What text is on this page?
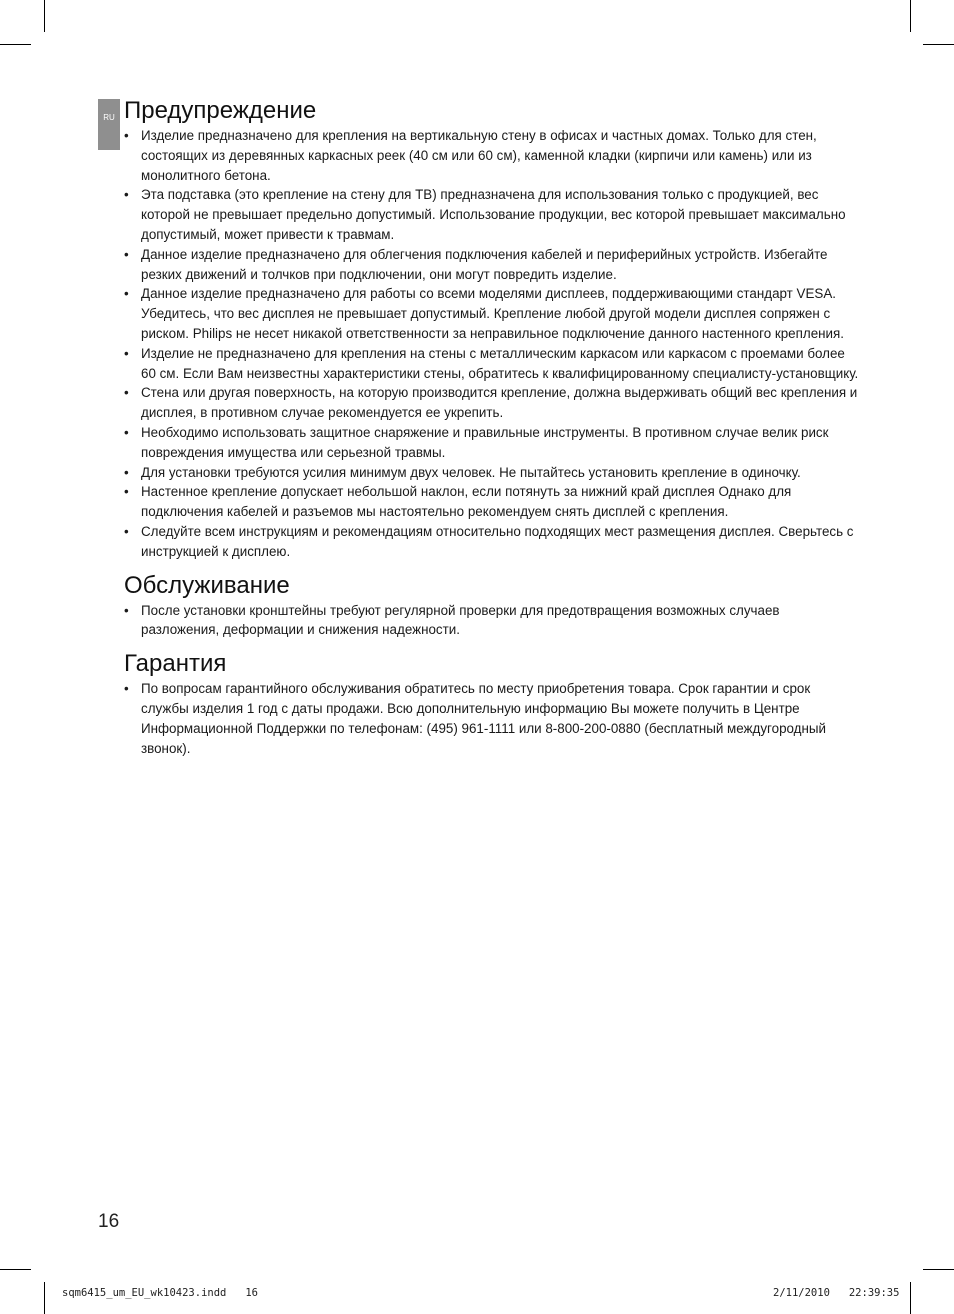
RU Предупреждение
• Изделие предназначено для крепления на вертикальную стену в офисах и частных домах. Только для стен, состоящих из деревянных каркасных реек (40 см или 60 см), каменной кладки (кирпичи или камень) или из монолитного бетона.
• Эта подставка (это крепление на стену для ТВ) предназначена для использования только с продукцией, вес которой не превышает предельно допустимый. Использование продукции, вес которой превышает максимально допустимый, может привести к травмам.
• Данное изделие предназначено для облегчения подключения кабелей и периферийных устройств. Избегайте резких движений и толчков при подключении, они могут повредить изделие.
• Данное изделие предназначено для работы со всеми моделями дисплеев, поддерживающими стандарт VESA. Убедитесь, что вес дисплея не превышает допустимый. Крепление любой другой модели дисплея сопряжен с риском. Philips не несет никакой ответственности за неправильное подключение данного настенного крепления.
• Изделие не предназначено для крепления на стены с металлическим каркасом или каркасом с проемами более 60 см. Если Вам неизвестны характеристики стены, обратитесь к квалифицированному специалисту-установщику.
• Стена или другая поверхность, на которую производится крепление, должна выдерживать общий вес крепления и дисплея, в противном случае рекомендуется ее укрепить.
• Необходимо использовать защитное снаряжение и правильные инструменты. В противном случае велик риск повреждения имущества или серьезной травмы.
• Для установки требуются усилия минимум двух человек. Не пытайтесь установить крепление в одиночку.
• Настенное крепление допускает небольшой наклон, если потянуть за нижний край дисплея Однако для подключения кабелей и разъемов мы настоятельно рекомендуем снять дисплей с крепления.
• Следуйте всем инструкциям и рекомендациям относительно подходящих мест размещения дисплея. Сверьтесь с инструкцией к дисплею.
Обслуживание
• После установки кронштейны требуют регулярной проверки для предотвращения возможных случаев разложения, деформации и снижения надежности.
Гарантия
• По вопросам гарантийного обслуживания обратитесь по месту приобретения товара. Срок гарантии и срок службы изделия 1 год с даты продажи. Всю дополнительную информацию Вы можете получить в Центре Информационной Поддержки по телефонам: (495) 961-1111 или 8-800-200-0880 (бесплатный междугородный звонок).
16
sqm6415_um_EU_wk10423.indd   16	2/11/2010   22:39:35
